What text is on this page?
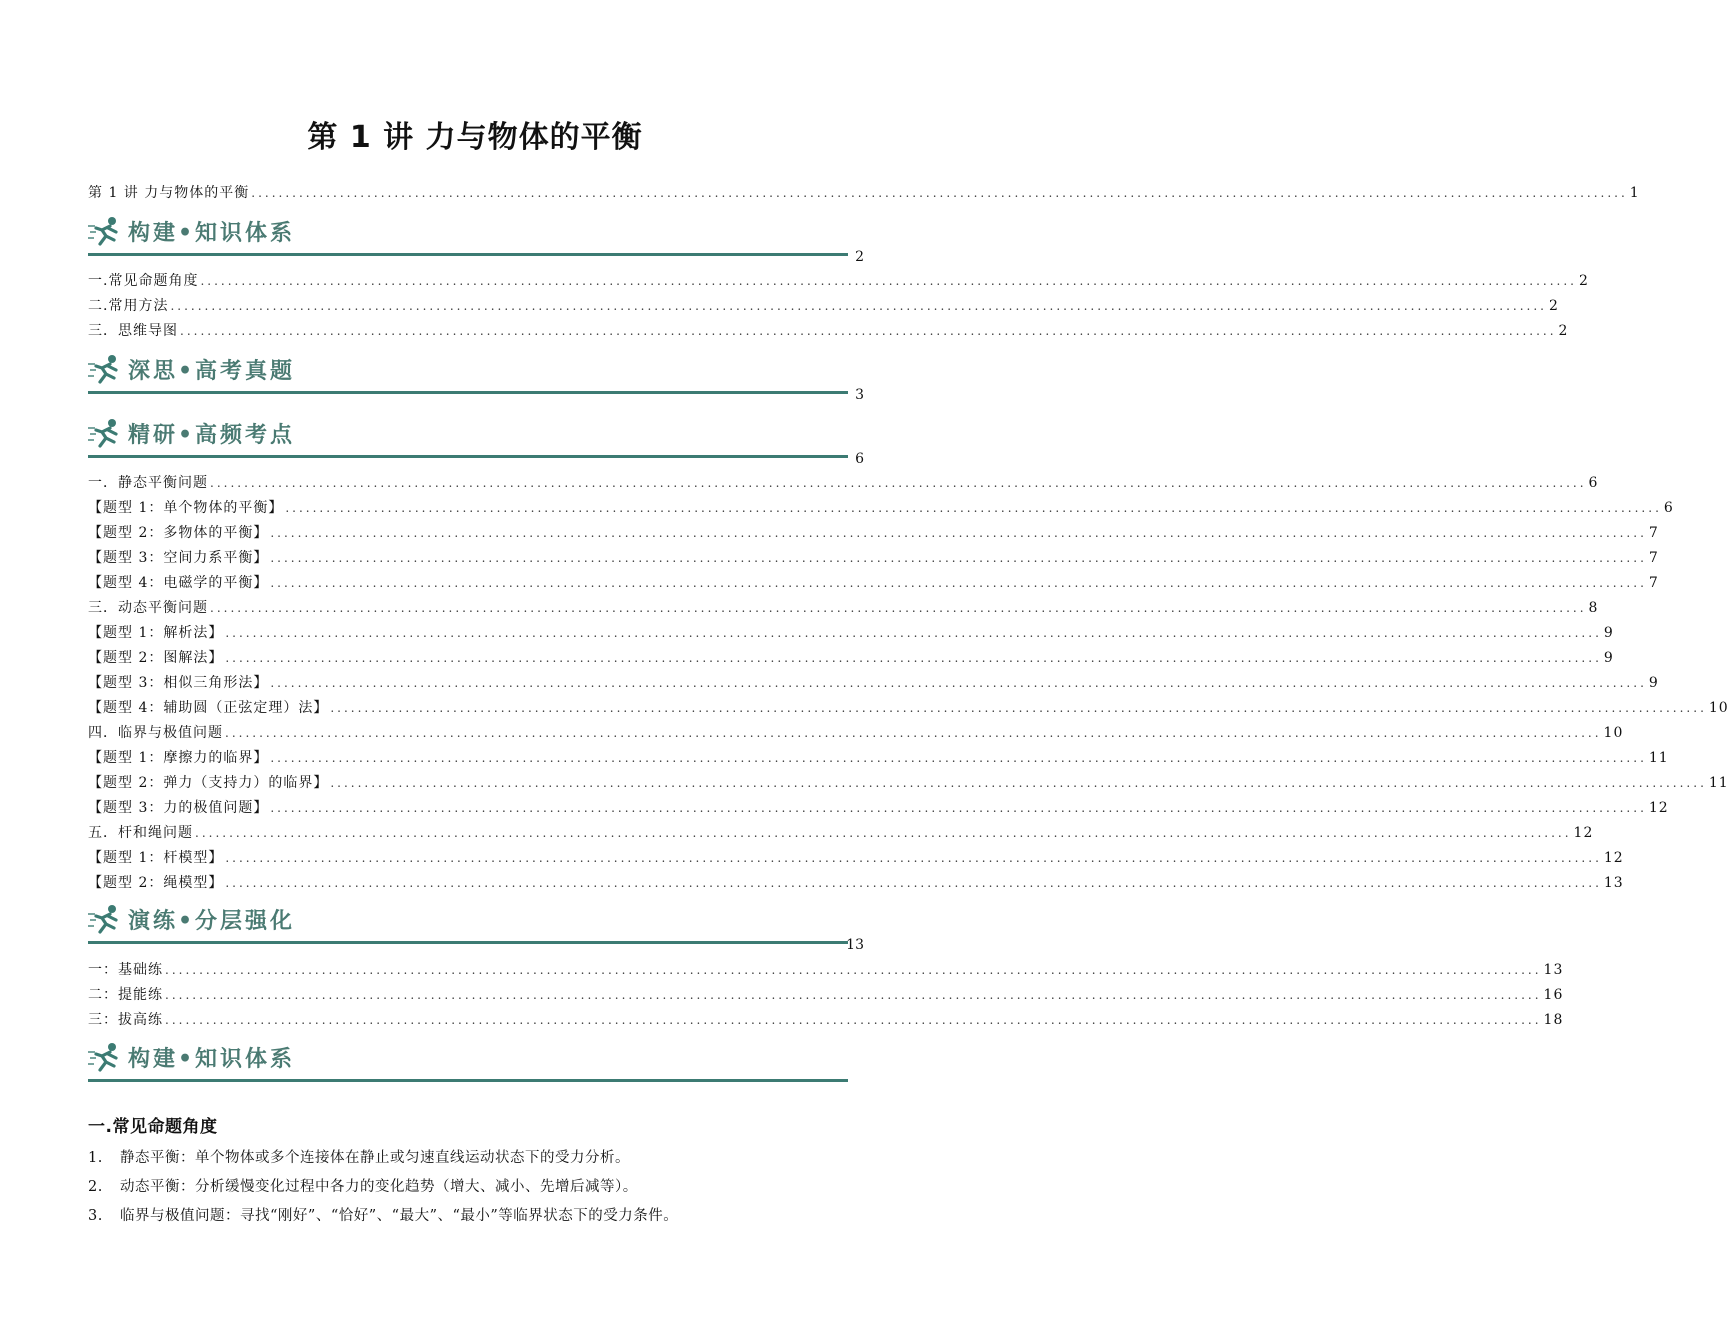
第 1 讲 力与物体的平衡
第 1 讲 力与物体的平衡 .......................................................................................................................................................................................................... 1
构建•知识体系
2
一.常见命题角度 .......................................................................................................................................................................................................... 2
二.常用方法 .......................................................................................................................................................................................................... 2
三．思维导图 .......................................................................................................................................................................................................... 2
深思•高考真题
3
精研•高频考点
6
一．静态平衡问题 .......................................................................................................................................................................................................... 6
【题型 1：单个物体的平衡】 .......................................................................................................................................................................................................... 6
【题型 2：多物体的平衡】 .......................................................................................................................................................................................................... 7
【题型 3：空间力系平衡】 .......................................................................................................................................................................................................... 7
【题型 4：电磁学的平衡】 .......................................................................................................................................................................................................... 7
三．动态平衡问题 .......................................................................................................................................................................................................... 8
【题型 1：解析法】 .......................................................................................................................................................................................................... 9
【题型 2：图解法】 .......................................................................................................................................................................................................... 9
【题型 3：相似三角形法】 .......................................................................................................................................................................................................... 9
【题型 4：辅助圆（正弦定理）法】 .......................................................................................................................................................................................................... 10
四．临界与极值问题 .......................................................................................................................................................................................................... 10
【题型 1：摩擦力的临界】 .......................................................................................................................................................................................................... 11
【题型 2：弹力（支持力）的临界】 .......................................................................................................................................................................................................... 11
【题型 3：力的极值问题】 .......................................................................................................................................................................................................... 12
五．杆和绳问题 .......................................................................................................................................................................................................... 12
【题型 1：杆模型】 .......................................................................................................................................................................................................... 12
【题型 2：绳模型】 .......................................................................................................................................................................................................... 13
演练•分层强化
13
一：基础练 .......................................................................................................................................................................................................... 13
二：提能练 .......................................................................................................................................................................................................... 16
三：拔高练 .......................................................................................................................................................................................................... 18
构建•知识体系
一.常见命题角度
1. 静态平衡：单个物体或多个连接体在静止或匀速直线运动状态下的受力分析。
2. 动态平衡：分析缓慢变化过程中各力的变化趋势（增大、减小、先增后减等）。
3. 临界与极值问题：寻找“刚好”、“恰好”、“最大”、“最小”等临界状态下的受力条件。
